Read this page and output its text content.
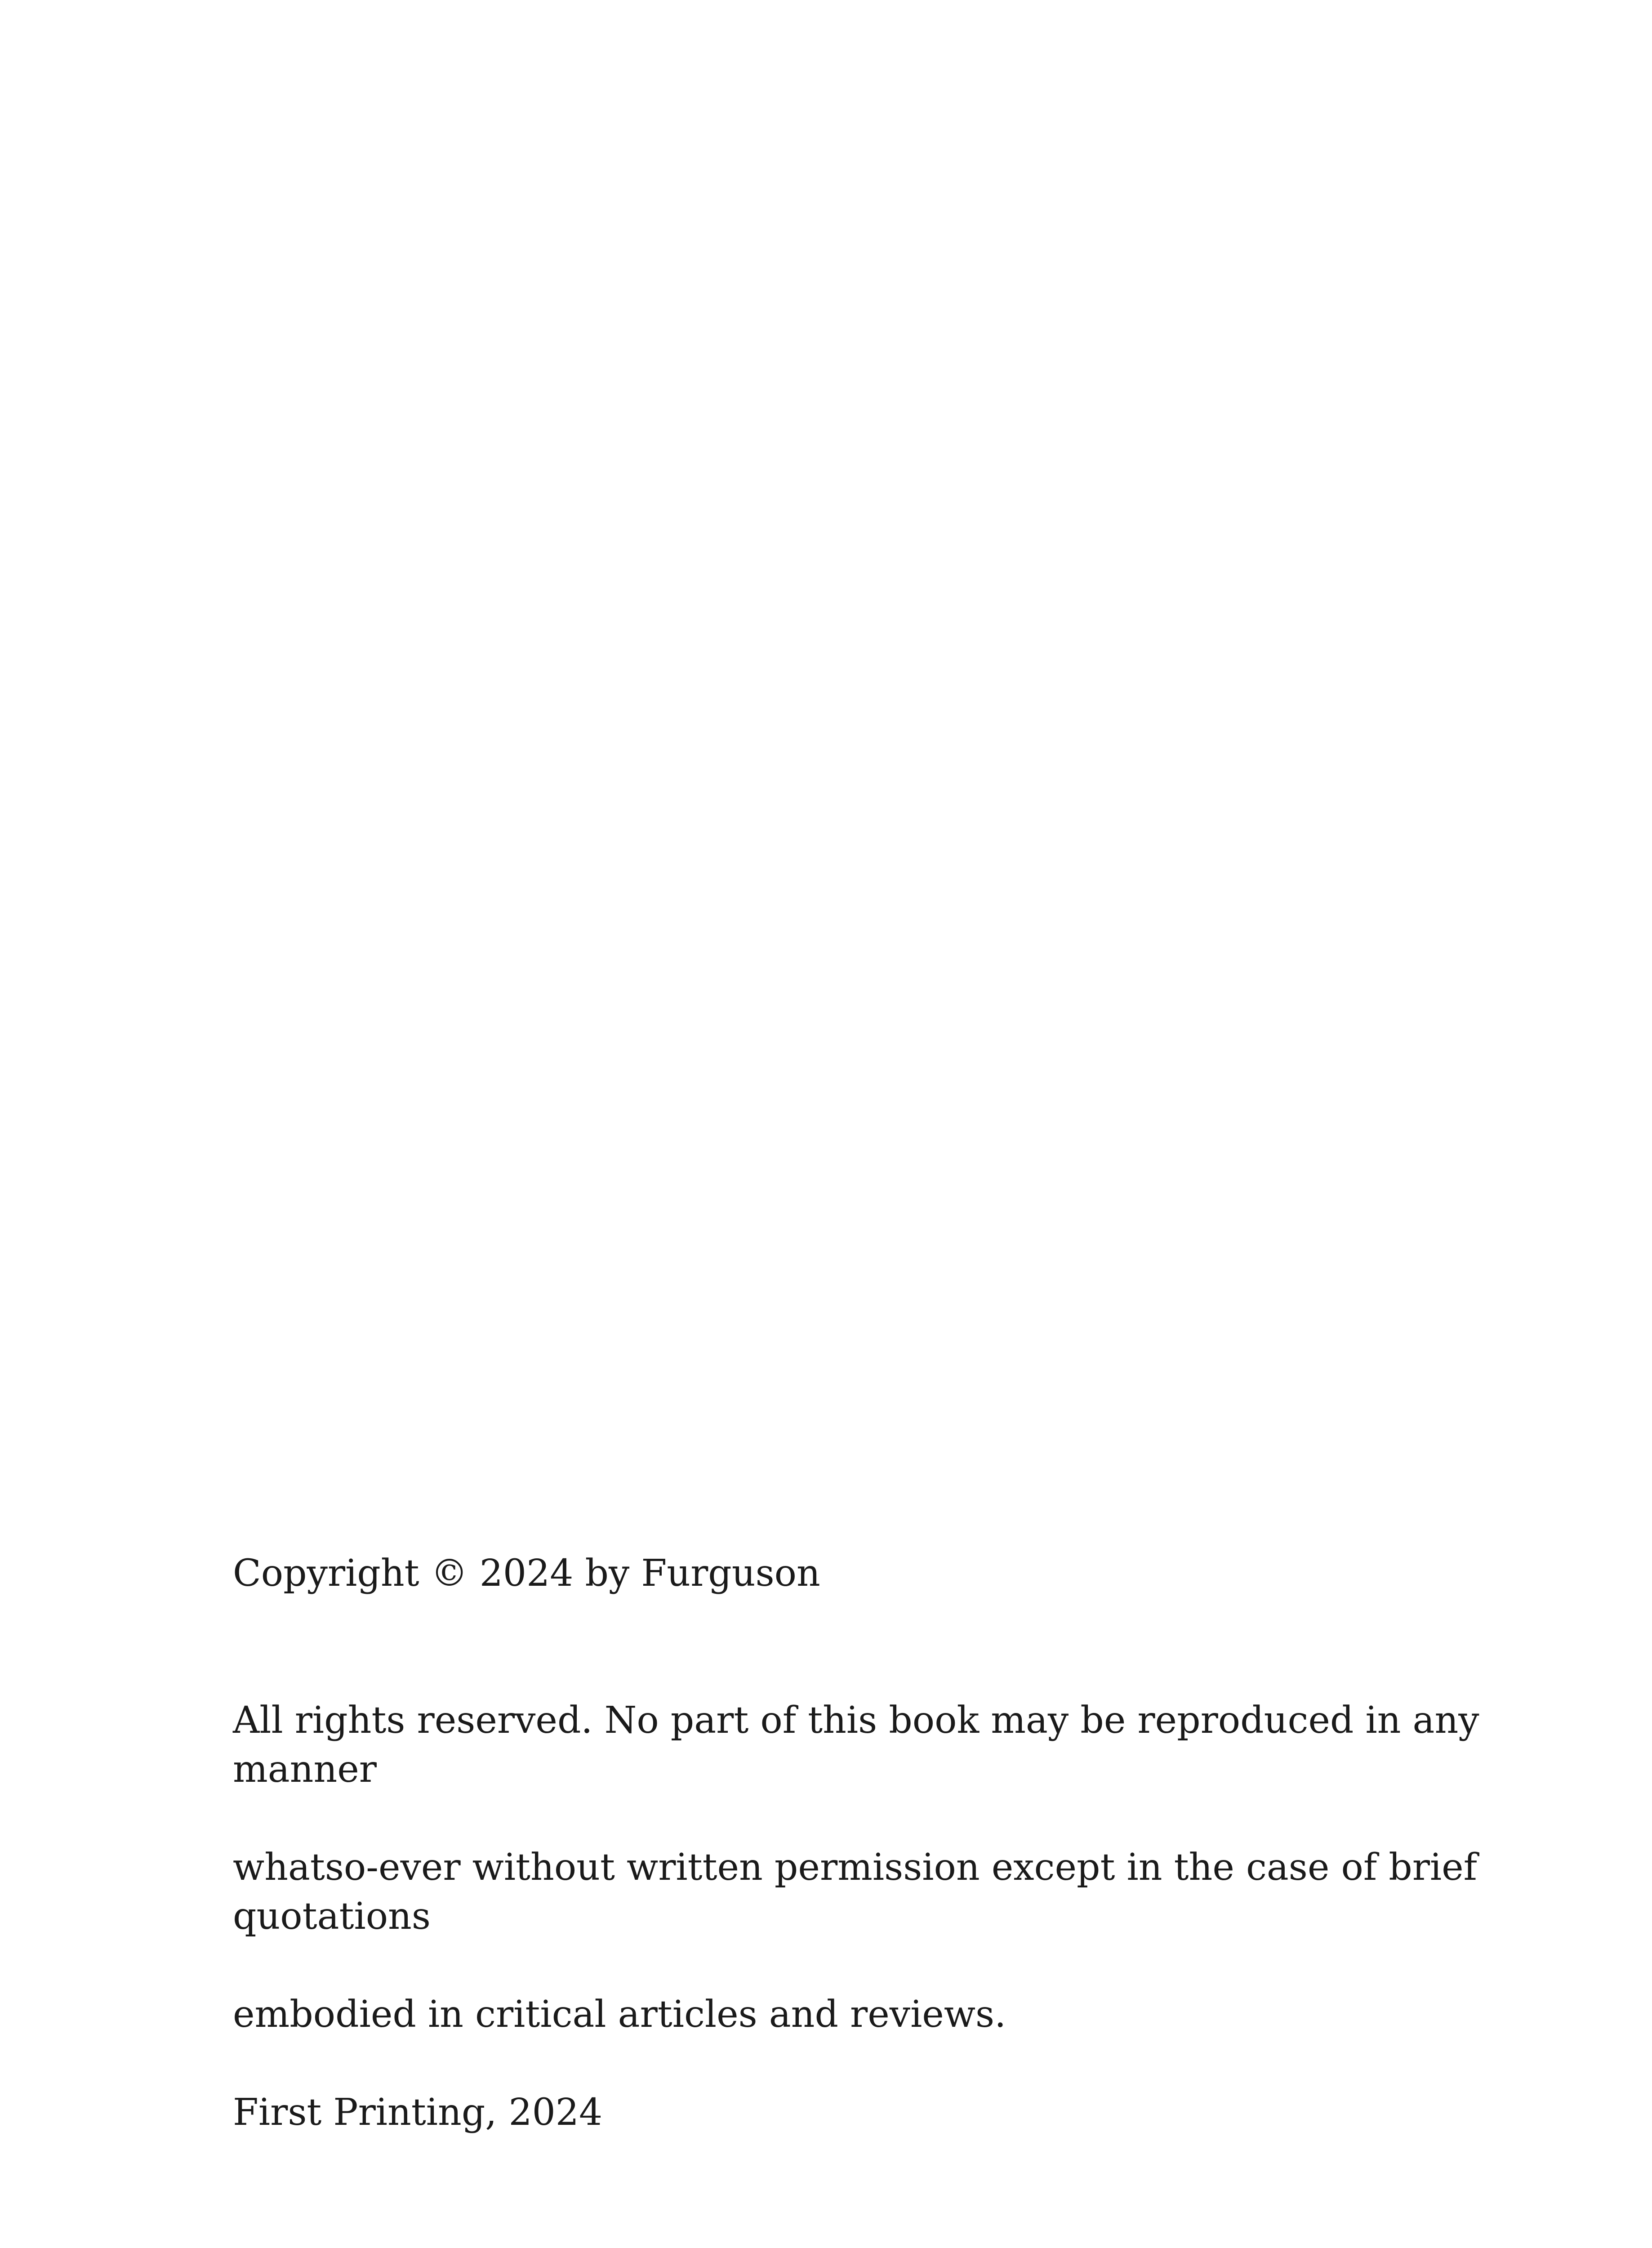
Copyright © 2024 by Furguson

All rights reserved. No part of this book may be reproduced in any manner

whatso-ever without written permission except in the case of brief quotations

embodied in critical articles and reviews.

First Printing, 2024
